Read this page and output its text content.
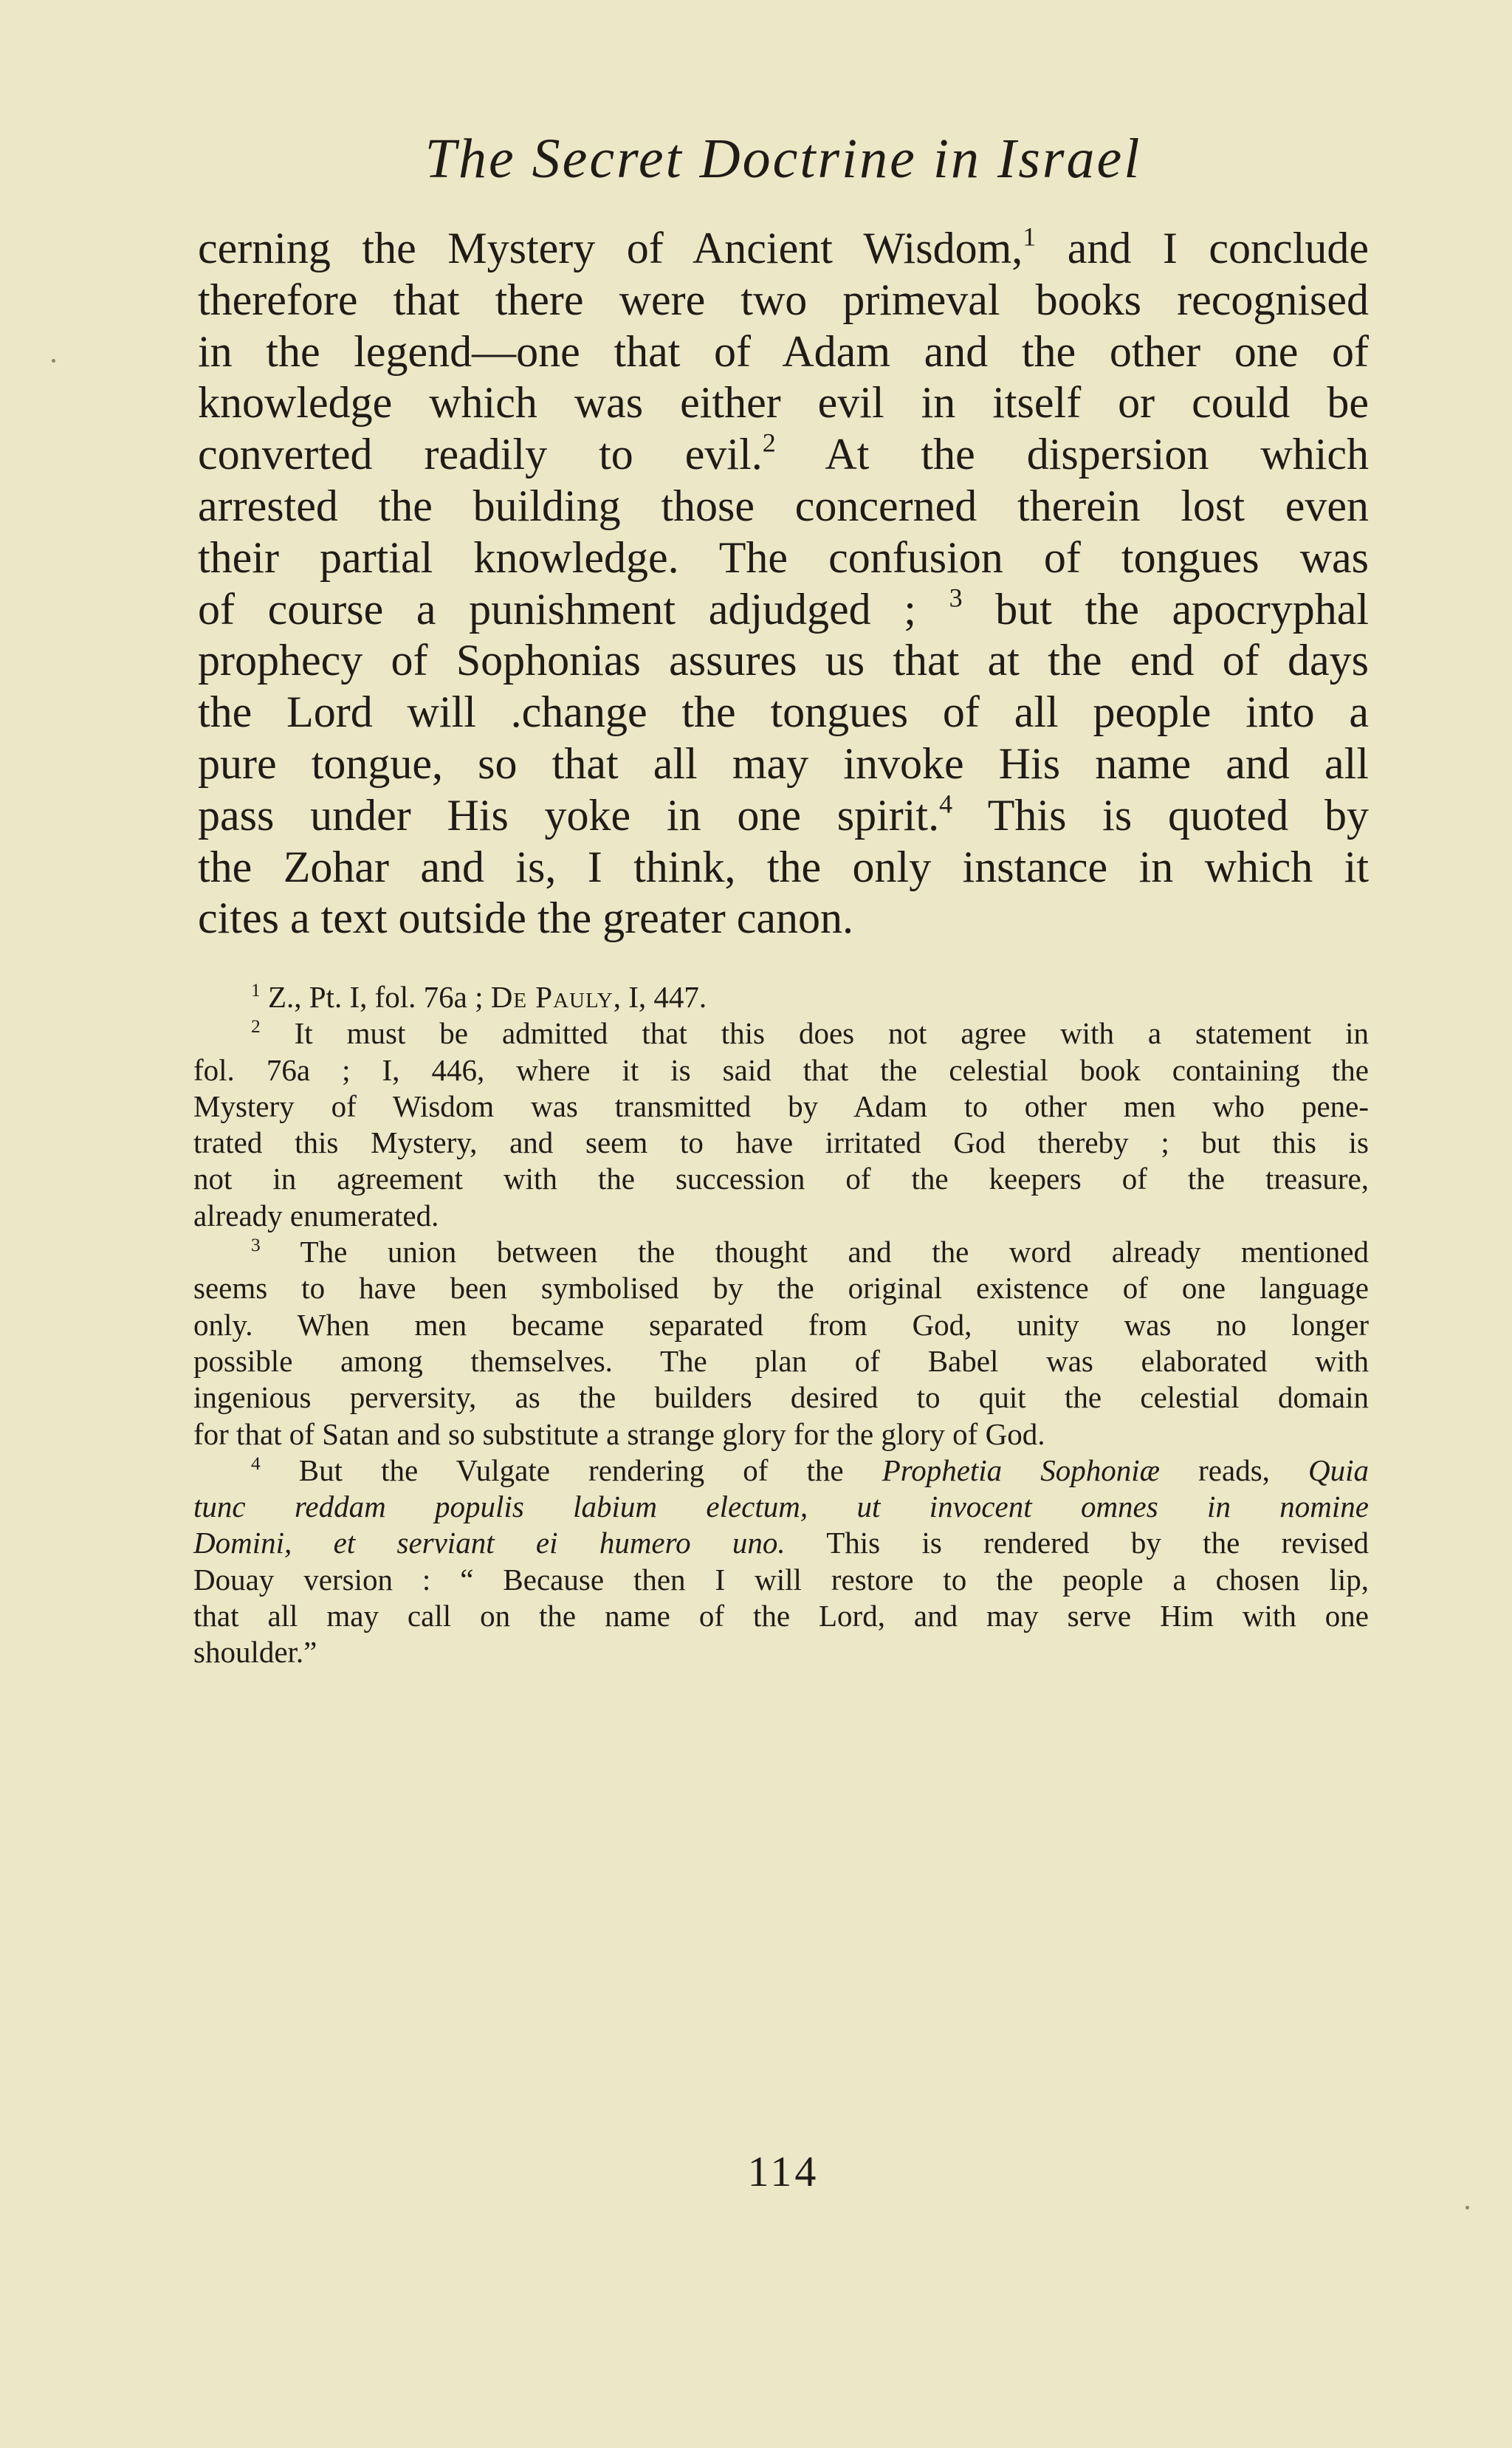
The Secret Doctrine in Israel
cerning the Mystery of Ancient Wisdom,$^1$ and I conclude
therefore that there were two primeval books recognised
in the legend—one that of Adam and the other one of
knowledge which was either evil in itself or could be
converted readily to evil.$^2$ At the dispersion which
arrested the building those concerned therein lost even
their partial knowledge. The confusion of tongues was
of course a punishment adjudged ; $^3$ but the apocryphal
prophecy of Sophonias assures us that at the end of days
the Lord will .change the tongues of all people into a
pure tongue, so that all may invoke His name and all
pass under His yoke in one spirit.$^4$ This is quoted by
the Zohar and is, I think, the only instance in which it
cites a text outside the greater canon.
$^1$ Z., Pt. I, fol. 76a ; De Pauly, I, 447.
$^2$ It must be admitted that this does not agree with a statement in
fol. 76a ; I, 446, where it is said that the celestial book containing the
Mystery of Wisdom was transmitted by Adam to other men who pene-
trated this Mystery, and seem to have irritated God thereby ; but this is
not in agreement with the succession of the keepers of the treasure,
already enumerated.
$^3$ The union between the thought and the word already mentioned
seems to have been symbolised by the original existence of one language
only. When men became separated from God, unity was no longer
possible among themselves. The plan of Babel was elaborated with
ingenious perversity, as the builders desired to quit the celestial domain
for that of Satan and so substitute a strange glory for the glory of God.
$^4$ But the Vulgate rendering of the Prophetia Sophoniæ reads, Quia
tunc reddam populis labium electum, ut invocent omnes in nomine
Domini, et serviant ei humero uno. This is rendered by the revised
Douay version : “ Because then I will restore to the people a chosen lip,
that all may call on the name of the Lord, and may serve Him with one
shoulder.”
114
